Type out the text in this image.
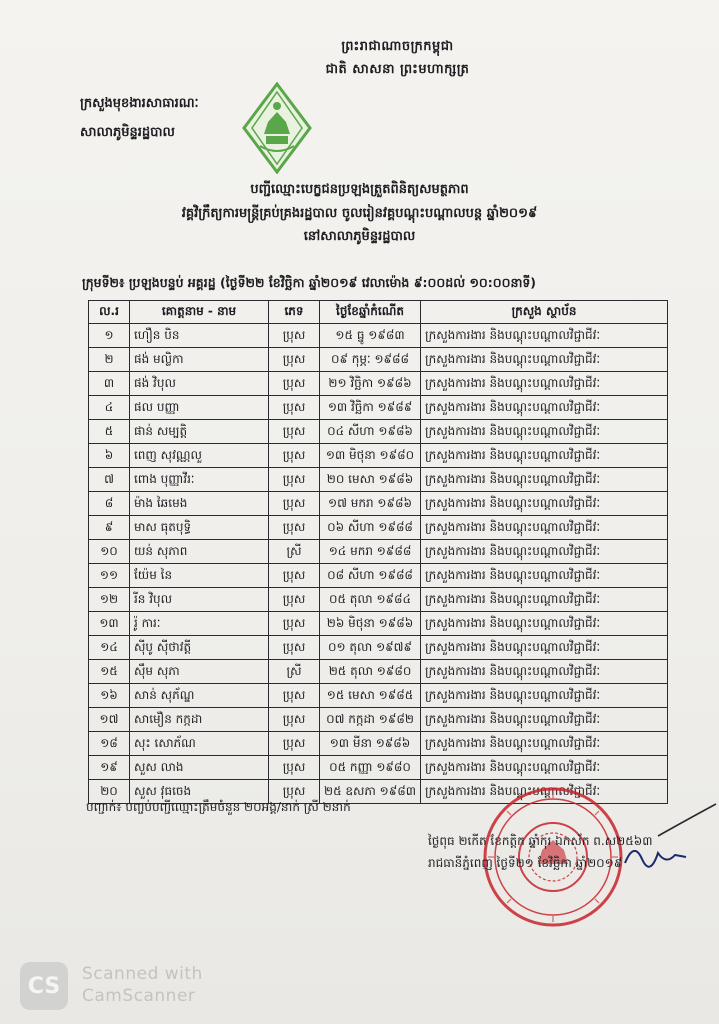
ព្រះរាជាណាចក្រកម្ពុជា
ជាតិ សាសនា ព្រះមហាក្សត្រ
ក្រសួងមុខងារសាធារណៈ
សាលាភូមិន្ទរដ្ឋបាល
បញ្ជីឈ្មោះបេក្ខជនប្រឡងត្រួតពិនិត្យសមត្ថភាព
វគ្គវិក្រឹត្យការមន្ត្រីគ្រប់គ្រងរដ្ឋបាល ចូលរៀនវគ្គបណ្តុះបណ្តាលបន្ត ឆ្នាំ២០១៩
នៅសាលាភូមិន្ទរដ្ឋបាល
ក្រុមទី២៖ ប្រឡងបន្ទប់ អគ្គរដ្ឋ (ថ្ងៃទី២២ ខែវិច្ឆិកា ឆ្នាំ២០១៩ វេលាម៉ោង ៩:០០ដល់ ១០:០០នាទី)
ល.រ	គោត្តនាម - នាម	ភេទ	ថ្ងៃខែឆ្នាំកំណើត	ក្រសួង ស្ថាប័ន
១	ហឿន បិន	ប្រុស	១៥ ធ្នូ ១៩៨៣	ក្រសួងការងារ និងបណ្តុះបណ្តាលវិជ្ជាជីវៈ
២	ផង់ មល្លិកា	ប្រុស	០៩ កុម្ភៈ ១៩៨៨	ក្រសួងការងារ និងបណ្តុះបណ្តាលវិជ្ជាជីវៈ
៣	ផង់ វិបុល	ប្រុស	២១ វិច្ឆិកា ១៩៨៦	ក្រសួងការងារ និងបណ្តុះបណ្តាលវិជ្ជាជីវៈ
៤	ផល បញ្ញា	ប្រុស	១៣ វិច្ឆិកា ១៩៨៩	ក្រសួងការងារ និងបណ្តុះបណ្តាលវិជ្ជាជីវៈ
៥	ផាន់ សម្បត្តិ	ប្រុស	០៤ សីហា ១៩៨៦	ក្រសួងការងារ និងបណ្តុះបណ្តាលវិជ្ជាជីវៈ
៦	ពេញ សុវណ្ណលួ	ប្រុស	១៣ មិថុនា ១៩៨០	ក្រសួងការងារ និងបណ្តុះបណ្តាលវិជ្ជាជីវៈ
៧	ពោង បុញ្ញាវីរៈ	ប្រុស	២០ មេសា ១៩៨៦	ក្រសួងការងារ និងបណ្តុះបណ្តាលវិជ្ជាជីវៈ
៨	ម៉ាង ឆៃមេង	ប្រុស	១៧ មករា ១៩៨៦	ក្រសួងការងារ និងបណ្តុះបណ្តាលវិជ្ជាជីវៈ
៩	មាស ធុតបុទ្ធិ	ប្រុស	០៦ សីហា ១៩៨៨	ក្រសួងការងារ និងបណ្តុះបណ្តាលវិជ្ជាជីវៈ
១០	យន់ សុភាព	ស្រី	១៤ មករា ១៩៨៨	ក្រសួងការងារ និងបណ្តុះបណ្តាលវិជ្ជាជីវៈ
១១	យ៉ែម នៃ	ប្រុស	០៨ សីហា ១៩៨៨	ក្រសួងការងារ និងបណ្តុះបណ្តាលវិជ្ជាជីវៈ
១២	រីន វិបុល	ប្រុស	០៥ តុលា ១៩៨៤	ក្រសួងការងារ និងបណ្តុះបណ្តាលវិជ្ជាជីវៈ
១៣	រ៉ូ ការៈ	ប្រុស	២៦ មិថុនា ១៩៨៦	ក្រសួងការងារ និងបណ្តុះបណ្តាលវិជ្ជាជីវៈ
១៤	ស៊ីបូ ស៊ីថាវត្តី	ប្រុស	០១ តុលា ១៩៧៩	ក្រសួងការងារ និងបណ្តុះបណ្តាលវិជ្ជាជីវៈ
១៥	ស៊ឹម សុភា	ស្រី	២៥ តុលា ១៩៨០	ក្រសួងការងារ និងបណ្តុះបណ្តាលវិជ្ជាជីវៈ
១៦	សាន់ សុភ័ណ្ឌ	ប្រុស	១៥ មេសា ១៩៨៥	ក្រសួងការងារ និងបណ្តុះបណ្តាលវិជ្ជាជីវៈ
១៧	សាមឿន កក្កដា	ប្រុស	០៧ កក្កដា ១៩៨២	ក្រសួងការងារ និងបណ្តុះបណ្តាលវិជ្ជាជីវៈ
១៨	សុះ សោភ័ណ	ប្រុស	១៣ មីនា ១៩៨៦	ក្រសួងការងារ និងបណ្តុះបណ្តាលវិជ្ជាជីវៈ
១៩	សួស លាង	ប្រុស	០៥ កញ្ញា ១៩៨០	ក្រសួងការងារ និងបណ្តុះបណ្តាលវិជ្ជាជីវៈ
២០	សួស វុធចេង	ប្រុស	២៥ ឧសភា ១៩៨៣	ក្រសួងការងារ និងបណ្តុះបណ្តាលវិជ្ជាជីវៈ
បញ្ជាក់៖ បញ្ចប់បញ្ជីឈ្មោះត្រឹមចំនួន ២០អង្គ/នាក់ ស្រី ២នាក់
ថ្ងៃពុធ ២កើត ខែកត្តិក ឆ្នាំកុរ ឯកស័ក ព.ស២៥៦៣
រាជធានីភ្នំពេញ ថ្ងៃទី២១ ខែវិច្ឆិកា ឆ្នាំ២០១៩
CS	Scanned with
CamScanner
